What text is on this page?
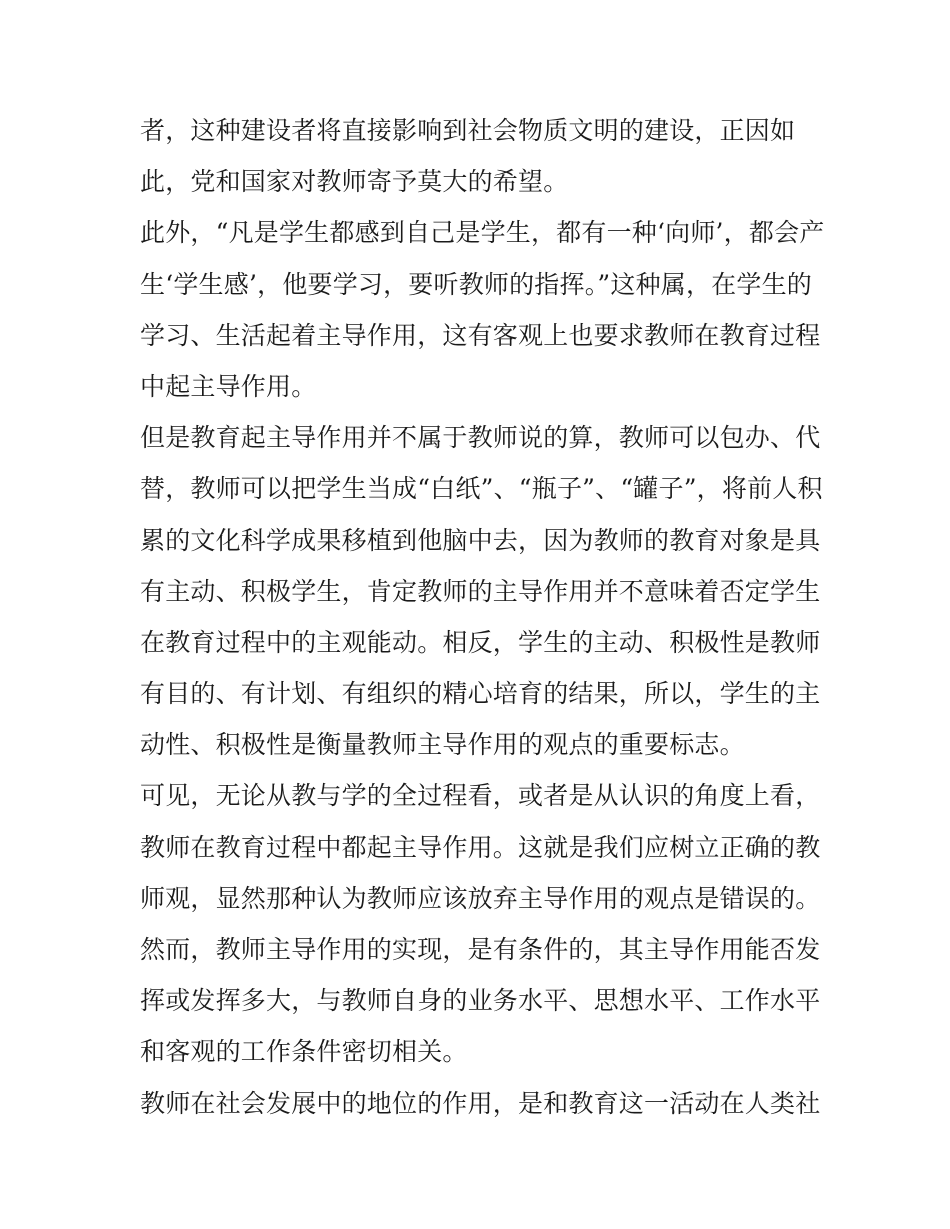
者，这种建设者将直接影响到社会物质文明的建设，正因如
此，党和国家对教师寄予莫大的希望。
此外，“凡是学生都感到自己是学生，都有一种‘向师’，都会产
生‘学生感’，他要学习，要听教师的指挥。”这种属，在学生的
学习、生活起着主导作用，这有客观上也要求教师在教育过程
中起主导作用。
但是教育起主导作用并不属于教师说的算，教师可以包办、代
替，教师可以把学生当成“白纸”、“瓶子”、“罐子”，将前人积
累的文化科学成果移植到他脑中去，因为教师的教育对象是具
有主动、积极学生，肯定教师的主导作用并不意味着否定学生
在教育过程中的主观能动。相反，学生的主动、积极性是教师
有目的、有计划、有组织的精心培育的结果，所以，学生的主
动性、积极性是衡量教师主导作用的观点的重要标志。
可见，无论从教与学的全过程看，或者是从认识的角度上看，
教师在教育过程中都起主导作用。这就是我们应树立正确的教
师观，显然那种认为教师应该放弃主导作用的观点是错误的。
然而，教师主导作用的实现，是有条件的，其主导作用能否发
挥或发挥多大，与教师自身的业务水平、思想水平、工作水平
和客观的工作条件密切相关。
教师在社会发展中的地位的作用，是和教育这一活动在人类社
